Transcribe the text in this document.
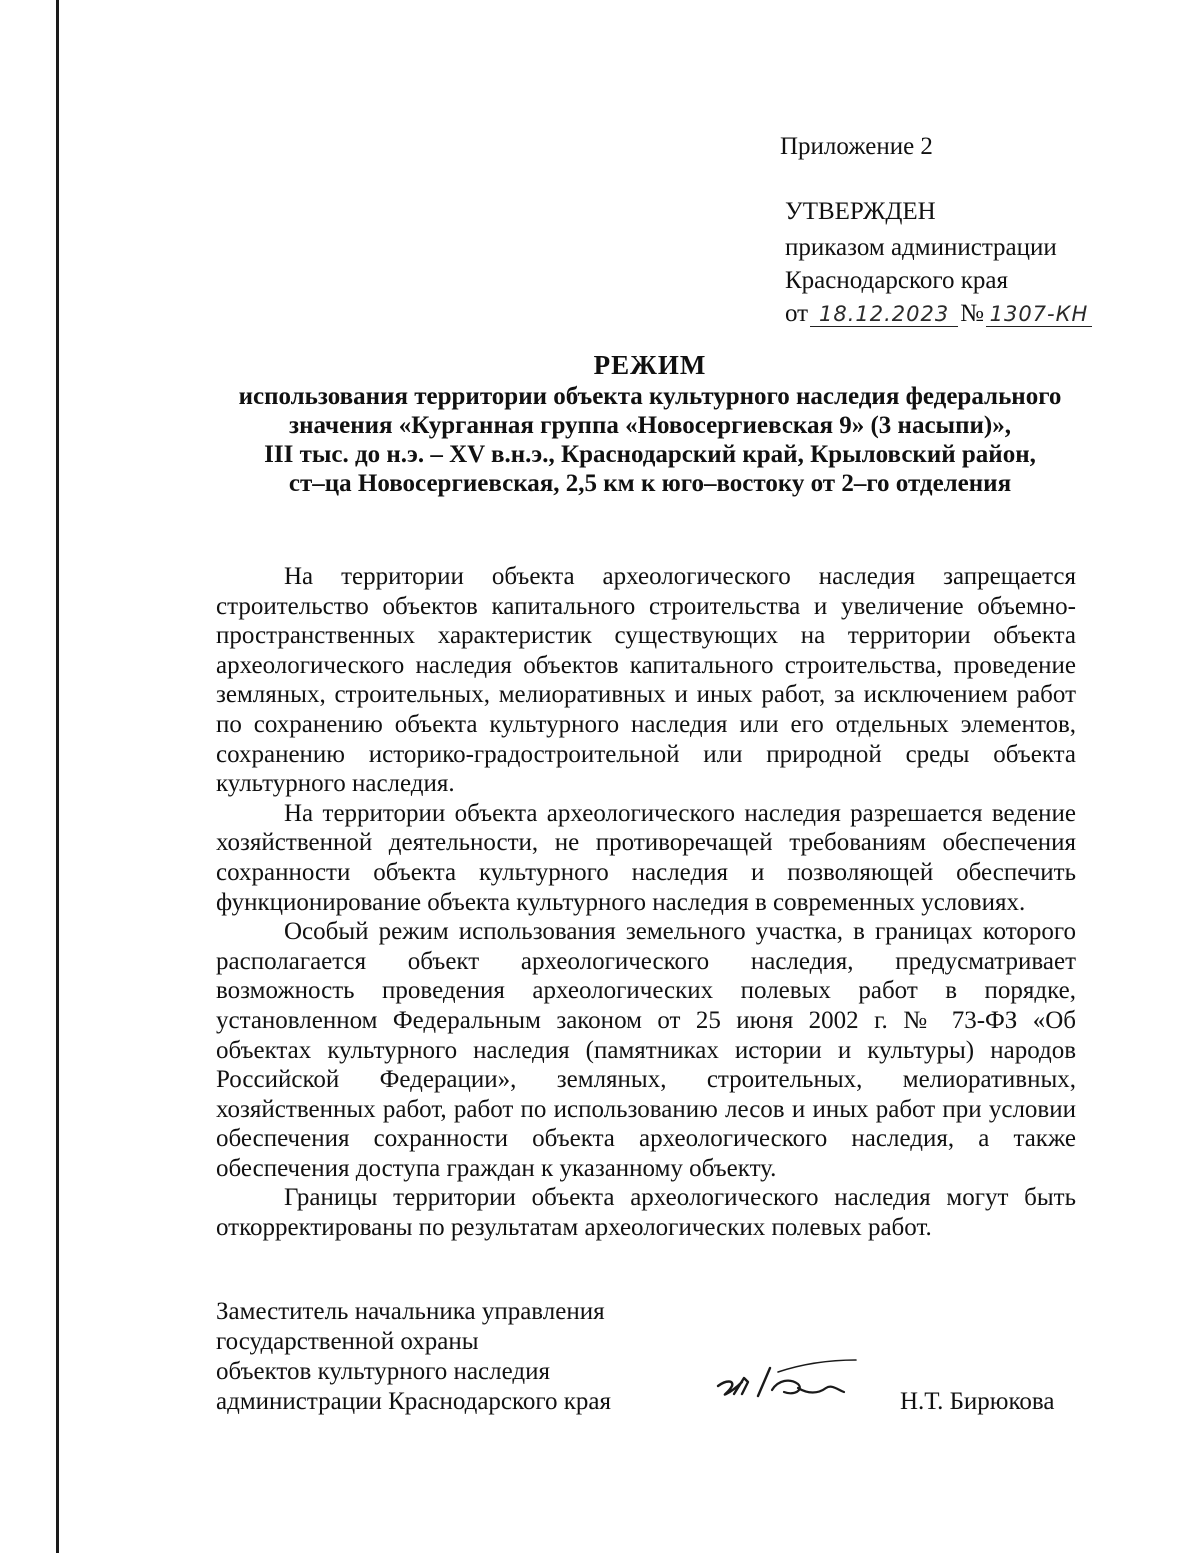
Приложение 2
УТВЕРЖДЕН
приказом администрации
Краснодарского края
от 18.12.2023 № 1307-КН
РЕЖИМ
использования территории объекта культурного наследия федерального
значения «Курганная группа «Новосергиевская 9» (3 насыпи)»,
III тыс. до н.э. – XV в.н.э., Краснодарский край, Крыловский район,
ст–ца Новосергиевская, 2,5 км к юго–востоку от 2–го отделения

На территории объекта археологического наследия запрещается строительство объектов капитального строительства и увеличение объемно-пространственных характеристик существующих на территории объекта археологического наследия объектов капитального строительства, проведение земляных, строительных, мелиоративных и иных работ, за исключением работ по сохранению объекта культурного наследия или его отдельных элементов, сохранению историко-градостроительной или природной среды объекта культурного наследия.

На территории объекта археологического наследия разрешается ведение хозяйственной деятельности, не противоречащей требованиям обеспечения сохранности объекта культурного наследия и позволяющей обеспечить функционирование объекта культурного наследия в современных условиях.

Особый режим использования земельного участка, в границах которого располагается объект археологического наследия, предусматривает возможность проведения археологических полевых работ в порядке, установленном Федеральным законом от 25 июня 2002 г. № 73-ФЗ «Об объектах культурного наследия (памятниках истории и культуры) народов Российской Федерации», земляных, строительных, мелиоративных, хозяйственных работ, работ по использованию лесов и иных работ при условии обеспечения сохранности объекта археологического наследия, а также обеспечения доступа граждан к указанному объекту.

Границы территории объекта археологического наследия могут быть откорректированы по результатам археологических полевых работ.

Заместитель начальника управления
государственной охраны
объектов культурного наследия
администрации Краснодарского края	Н.Т. Бирюкова
